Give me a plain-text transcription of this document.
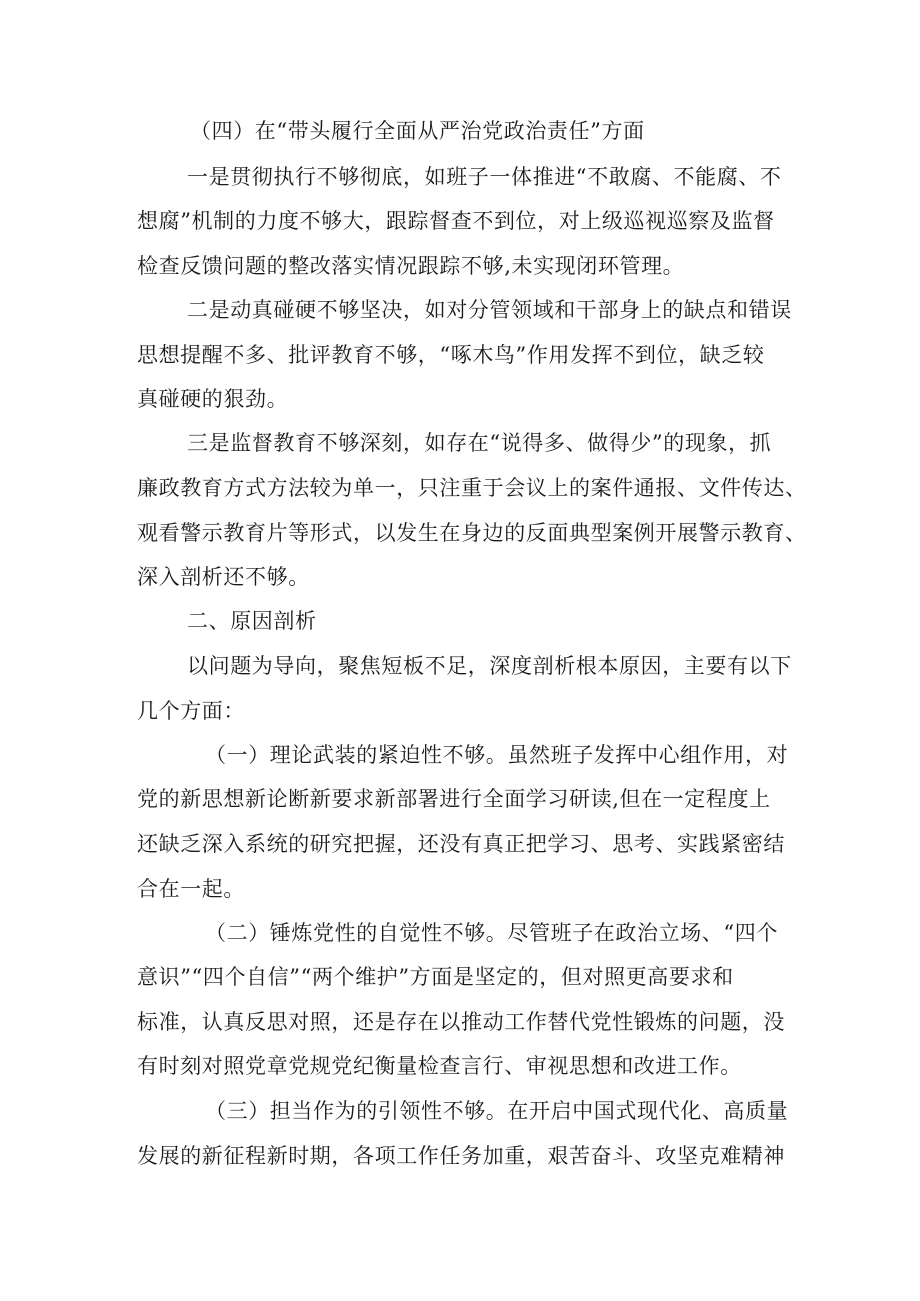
（四）在“带头履行全面从严治党政治责任”方面
一是贯彻执行不够彻底，如班子一体推进“不敢腐、不能腐、不
想腐”机制的力度不够大，跟踪督查不到位，对上级巡视巡察及监督
检查反馈问题的整改落实情况跟踪不够,未实现闭环管理。
二是动真碰硬不够坚决，如对分管领域和干部身上的缺点和错误
思想提醒不多、批评教育不够，“啄木鸟”作用发挥不到位，缺乏较
真碰硬的狠劲。
三是监督教育不够深刻，如存在“说得多、做得少”的现象，抓
廉政教育方式方法较为单一，只注重于会议上的案件通报、文件传达、
观看警示教育片等形式，以发生在身边的反面典型案例开展警示教育、
深入剖析还不够。
二、原因剖析
以问题为导向，聚焦短板不足，深度剖析根本原因，主要有以下
几个方面：
（一）理论武装的紧迫性不够。虽然班子发挥中心组作用，对
党的新思想新论断新要求新部署进行全面学习研读,但在一定程度上
还缺乏深入系统的研究把握，还没有真正把学习、思考、实践紧密结
合在一起。
（二）锤炼党性的自觉性不够。尽管班子在政治立场、“四个
意识”“四个自信”“两个维护”方面是坚定的，但对照更高要求和
标准，认真反思对照，还是存在以推动工作替代党性锻炼的问题，没
有时刻对照党章党规党纪衡量检查言行、审视思想和改进工作。
（三）担当作为的引领性不够。在开启中国式现代化、高质量
发展的新征程新时期，各项工作任务加重，艰苦奋斗、攻坚克难精神
